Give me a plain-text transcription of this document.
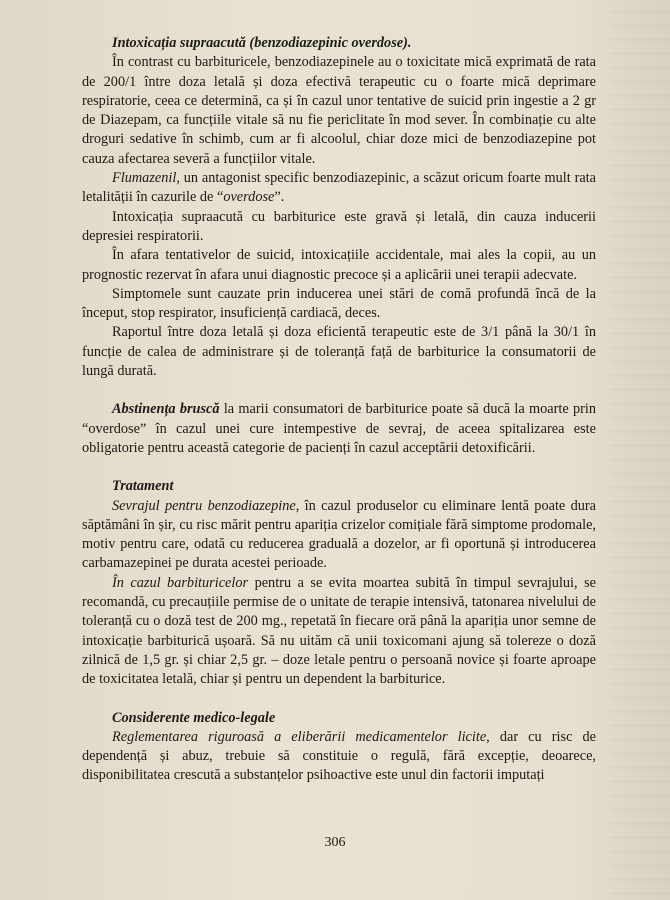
Intoxicația supraacută (benzodiazepinic overdose).

În contrast cu barbituricele, benzodiazepinele au o toxicitate mică exprimată de rata de 200/1 între doza letală și doza efectivă terapeutic cu o foarte mică deprimare respiratorie, ceea ce determină, ca și în cazul unor tentative de suicid prin ingestie a 2 gr de Diazepam, ca funcțiile vitale să nu fie periclitate în mod sever. În combinație cu alte droguri sedative în schimb, cum ar fi alcoolul, chiar doze mici de benzodiazepine pot cauza afectarea severă a funcțiilor vitale.

Flumazenil, un antagonist specific benzodiazepinic, a scăzut oricum foarte mult rata letalității în cazurile de “overdose”.

Intoxicația supraacută cu barbiturice este gravă și letală, din cauza inducerii depresiei respiratorii.

În afara tentativelor de suicid, intoxicațiile accidentale, mai ales la copii, au un prognostic rezervat în afara unui diagnostic precoce și a aplicării unei terapii adecvate.

Simptomele sunt cauzate prin inducerea unei stări de comă profundă încă de la început, stop respirator, insuficiență cardiacă, deces.

Raportul între doza letală și doza eficientă terapeutic este de 3/1 până la 30/1 în funcție de calea de administrare și de toleranță față de barbiturice la consumatorii de lungă durată.

Abstinența bruscă la marii consumatori de barbiturice poate să ducă la moarte prin “overdose” în cazul unei cure intempestive de sevraj, de aceea spitalizarea este obligatorie pentru această categorie de pacienți în cazul acceptării detoxificării.

Tratament

Sevrajul pentru benzodiazepine, în cazul produselor cu eliminare lentă poate dura săptămâni în șir, cu risc mărit pentru apariția crizelor comițiale fără simptome prodomale, motiv pentru care, odată cu reducerea graduală a dozelor, ar fi oportună și introducerea carbamazepinei pe durata acestei perioade.

În cazul barbituricelor pentru a se evita moartea subită în timpul sevrajului, se recomandă, cu precauțiile permise de o unitate de terapie intensivă, tatonarea nivelului de toleranță cu o doză test de 200 mg., repetată în fiecare oră până la apariția unor semne de intoxicație barbiturică ușoară. Să nu uităm că unii toxicomani ajung să tolereze o doză zilnică de 1,5 gr. și chiar 2,5 gr. – doze letale pentru o persoană novice și foarte aproape de toxicitatea letală, chiar și pentru un dependent la barbiturice.

Considerente medico-legale

Reglementarea riguroasă a eliberării medicamentelor licite, dar cu risc de dependență și abuz, trebuie să constituie o regulă, fără excepție, deoarece, disponibilitatea crescută a substanțelor psihoactive este unul din factorii imputați

306
